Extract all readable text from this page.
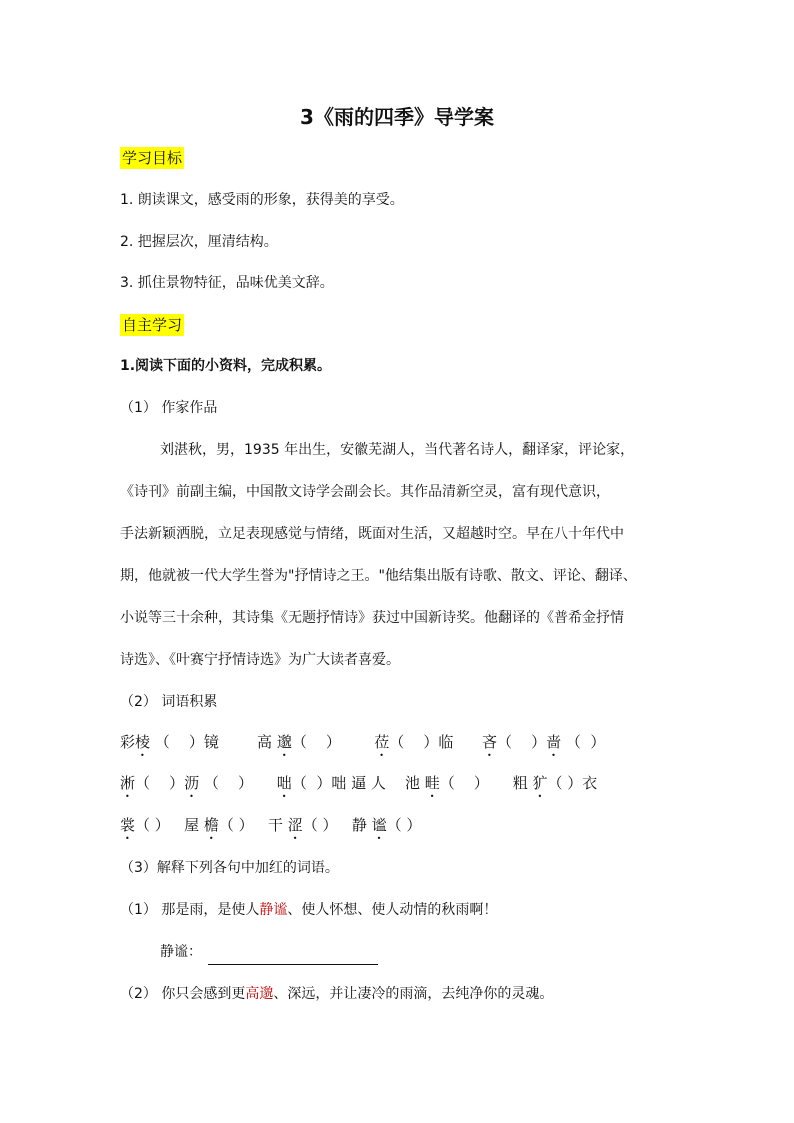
3《雨的四季》导学案
学习目标
1. 朗读课文，感受雨的形象，获得美的享受。
2. 把握层次，厘清结构。
3. 抓住景物特征，品味优美文辞。
自主学习
1.阅读下面的小资料，完成积累。
（1） 作家作品
刘湛秋，男，1935 年出生，安徽芜湖人，当代著名诗人，翻译家，评论家，
《诗刊》前副主编，中国散文诗学会副会长。其作品清新空灵，富有现代意识，
手法新颖洒脱，立足表现感觉与情绪，既面对生活，又超越时空。早在八十年代中
期，他就被一代大学生誉为"抒情诗之王。"他结集出版有诗歌、散文、评论、翻译、
小说等三十余种，其诗集《无题抒情诗》获过中国新诗奖。他翻译的《普希金抒情
诗选》、《叶赛宁抒情诗选》为广大读者喜爱。
（2） 词语积累
彩棱 （    ）镜        高 邈（    ）       莅（    ）临      吝（    ）啬 （  ）
淅（    ）沥 （    ）     咄（  ）咄 逼 人    池 畦（    ）     粗 犷（ ）衣
裳（ ）   屋 檐（ ）   干 涩（ ）   静 谧（ ）
（3）解释下列各句中加红的词语。
（1） 那是雨，是使人静谧、使人怀想、使人动情的秋雨啊！
静谧：
（2） 你只会感到更高邈、深远，并让凄冷的雨滴，去纯净你的灵魂。
